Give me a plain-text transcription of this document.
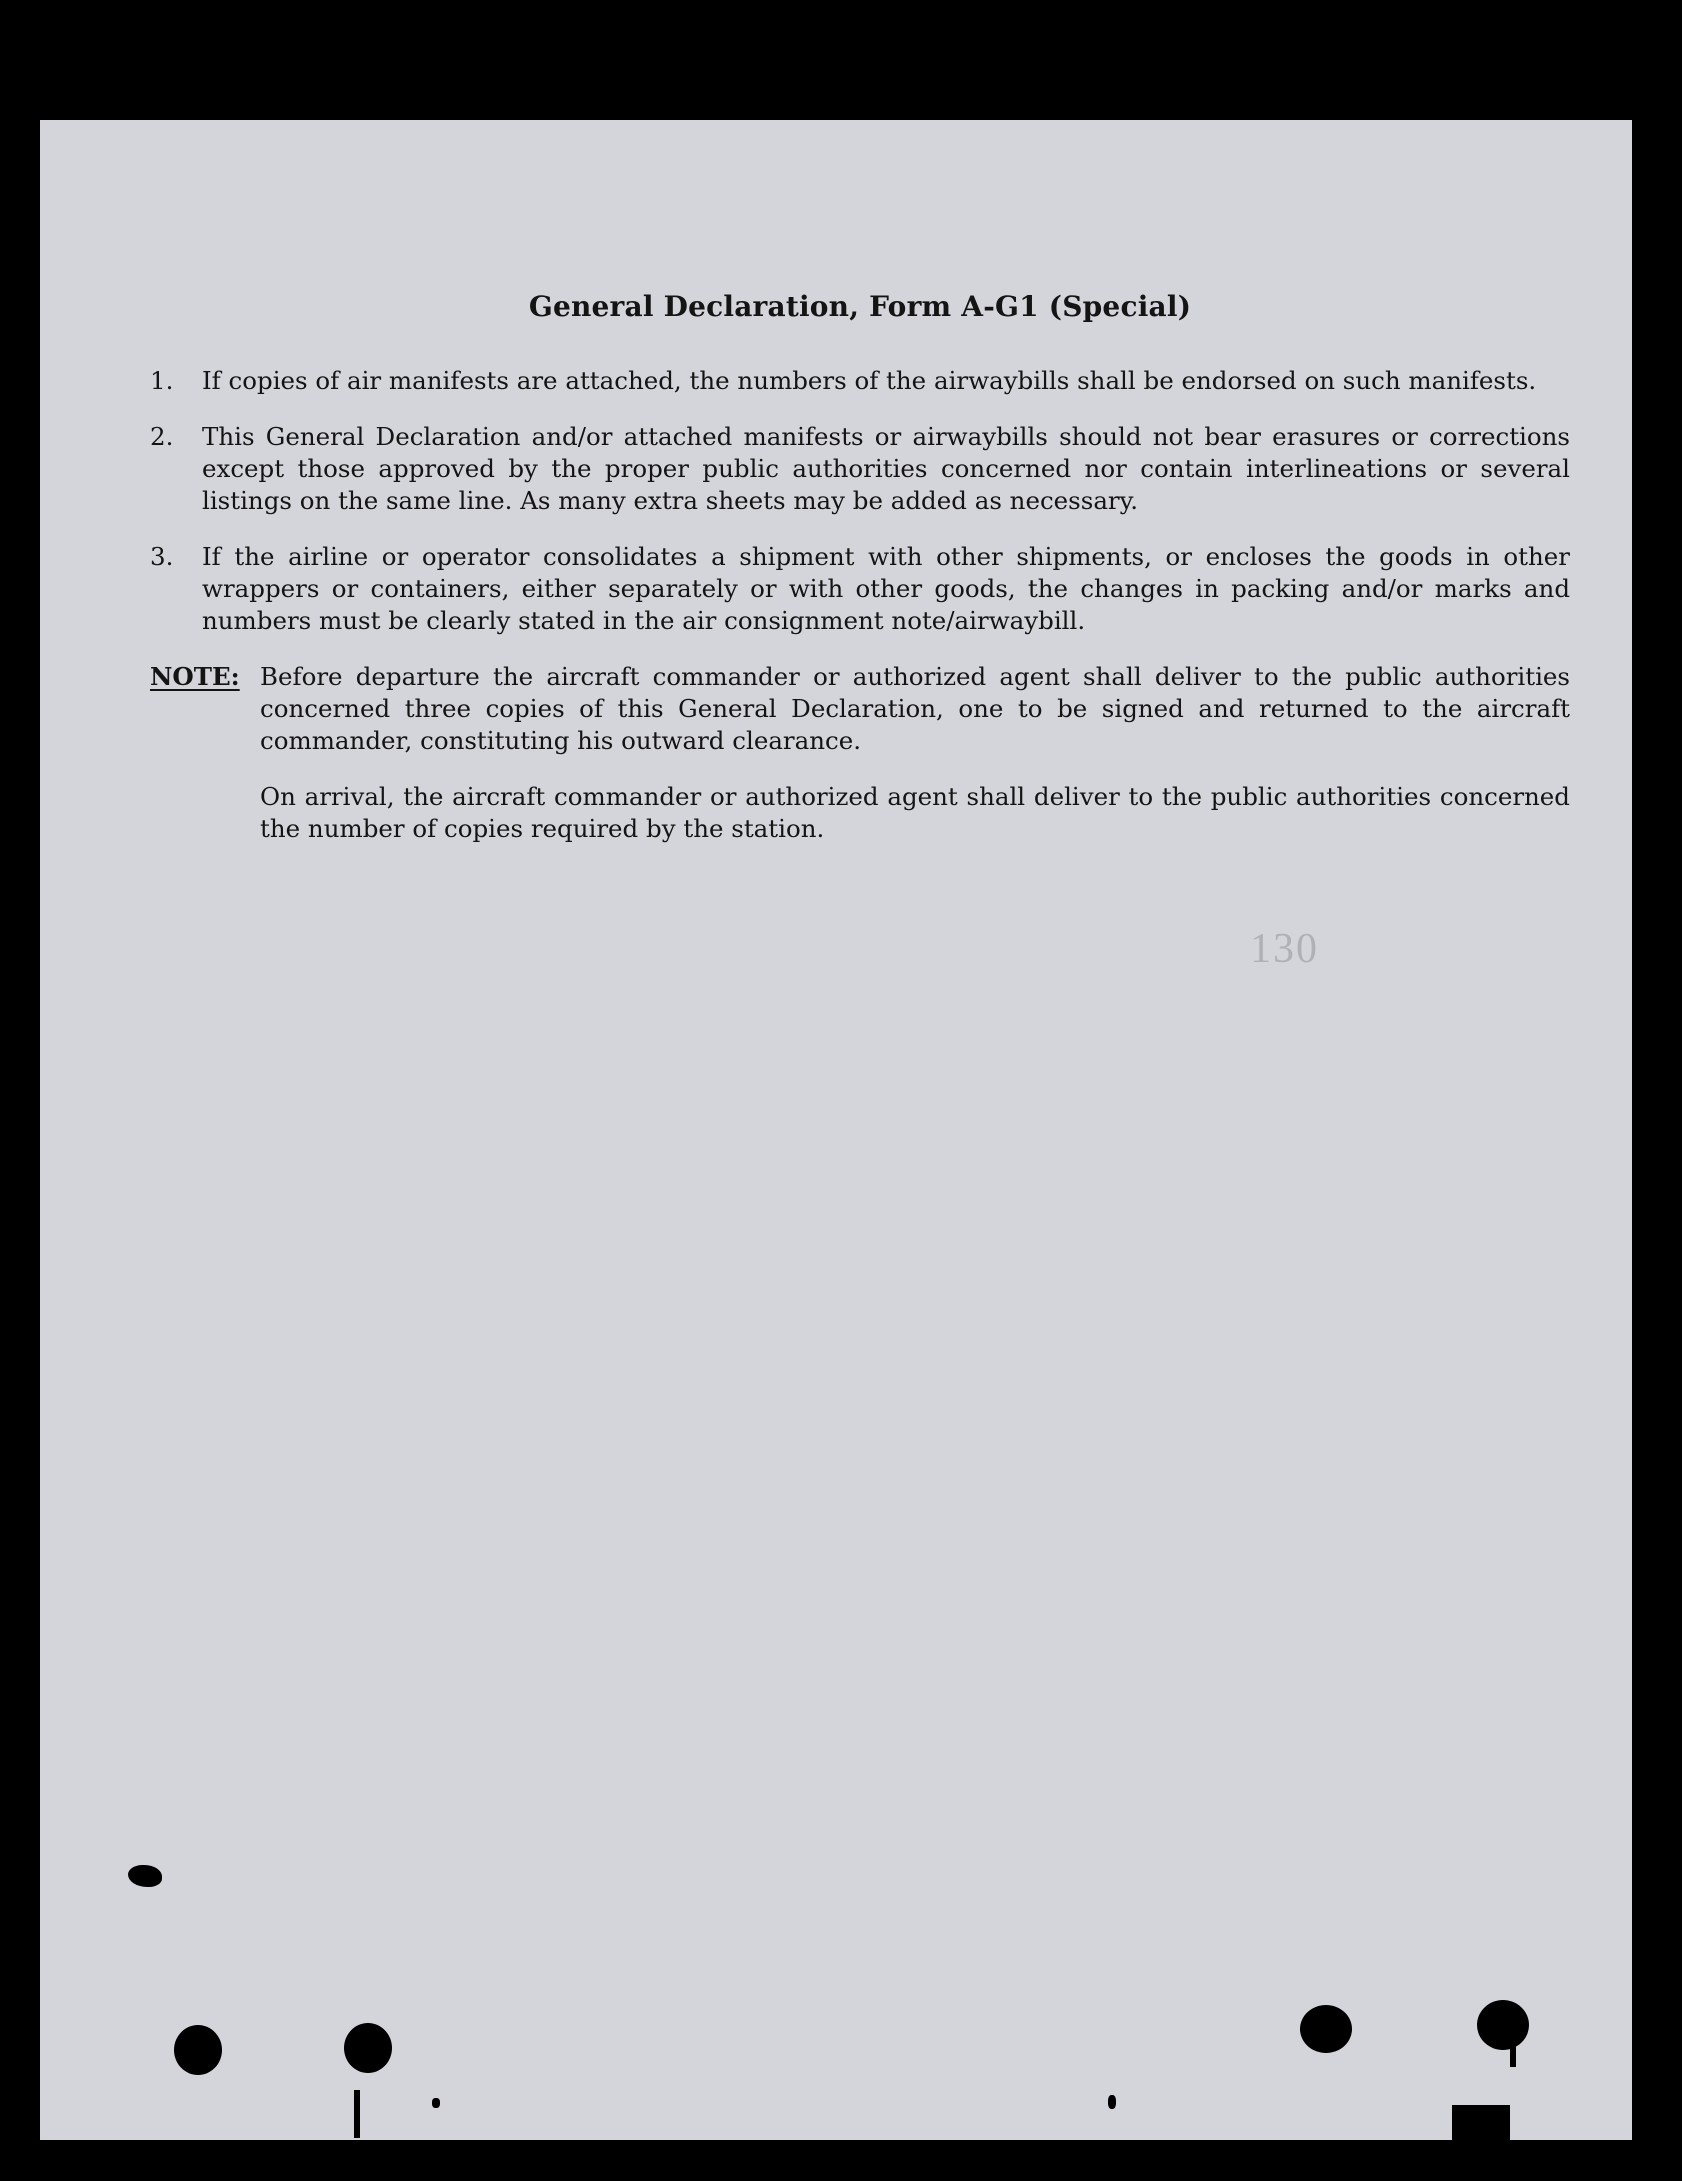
General Declaration, Form A-G1 (Special)
1.	If copies of air manifests are attached, the numbers of the airwaybills shall be endorsed on such manifests.
2.	This General Declaration and/or attached manifests or airwaybills should not bear erasures or corrections except those approved by the proper public authorities concerned nor contain interlineations or several listings on the same line. As many extra sheets may be added as necessary.
3.	If the airline or operator consolidates a shipment with other shipments, or encloses the goods in other wrappers or containers, either separately or with other goods, the changes in packing and/or marks and numbers must be clearly stated in the air consignment note/airwaybill.
NOTE: Before departure the aircraft commander or authorized agent shall deliver to the public authorities concerned three copies of this General Declaration, one to be signed and returned to the aircraft commander, constituting his outward clearance.

On arrival, the aircraft commander or authorized agent shall deliver to the public authorities concerned the number of copies required by the station.

130
